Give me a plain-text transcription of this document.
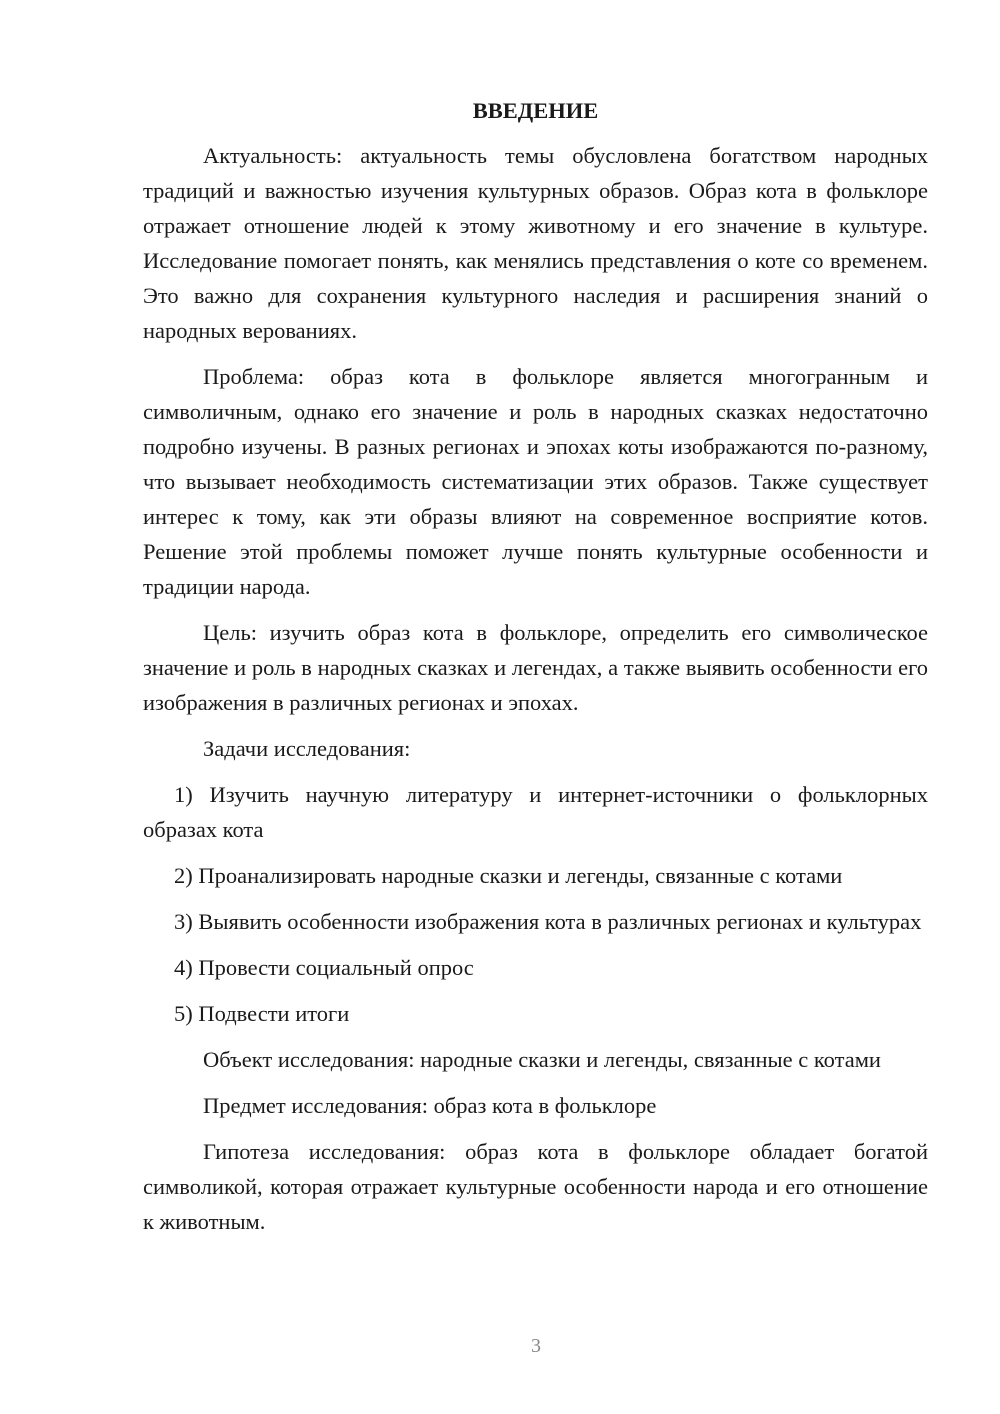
ВВЕДЕНИЕ

Актуальность: актуальность темы обусловлена богатством народных традиций и важностью изучения культурных образов. Образ кота в фольклоре отражает отношение людей к этому животному и его значение в культуре. Исследование помогает понять, как менялись представления о коте со временем. Это важно для сохранения культурного наследия и расширения знаний о народных верованиях.

Проблема: образ кота в фольклоре является многогранным и символичным, однако его значение и роль в народных сказках недостаточно подробно изучены. В разных регионах и эпохах коты изображаются по-разному, что вызывает необходимость систематизации этих образов. Также существует интерес к тому, как эти образы влияют на современное восприятие котов. Решение этой проблемы поможет лучше понять культурные особенности и традиции народа.

Цель: изучить образ кота в фольклоре, определить его символическое значение и роль в народных сказках и легендах, а также выявить особенности его изображения в различных регионах и эпохах.

Задачи исследования:

1) Изучить научную литературу и интернет-источники о фольклорных образах кота

2) Проанализировать народные сказки и легенды, связанные с котами

3) Выявить особенности изображения кота в различных регионах и культурах

4) Провести социальный опрос

5) Подвести итоги

Объект исследования: народные сказки и легенды, связанные с котами

Предмет исследования: образ кота в фольклоре

Гипотеза исследования: образ кота в фольклоре обладает богатой символикой, которая отражает культурные особенности народа и его отношение к животным.

3
